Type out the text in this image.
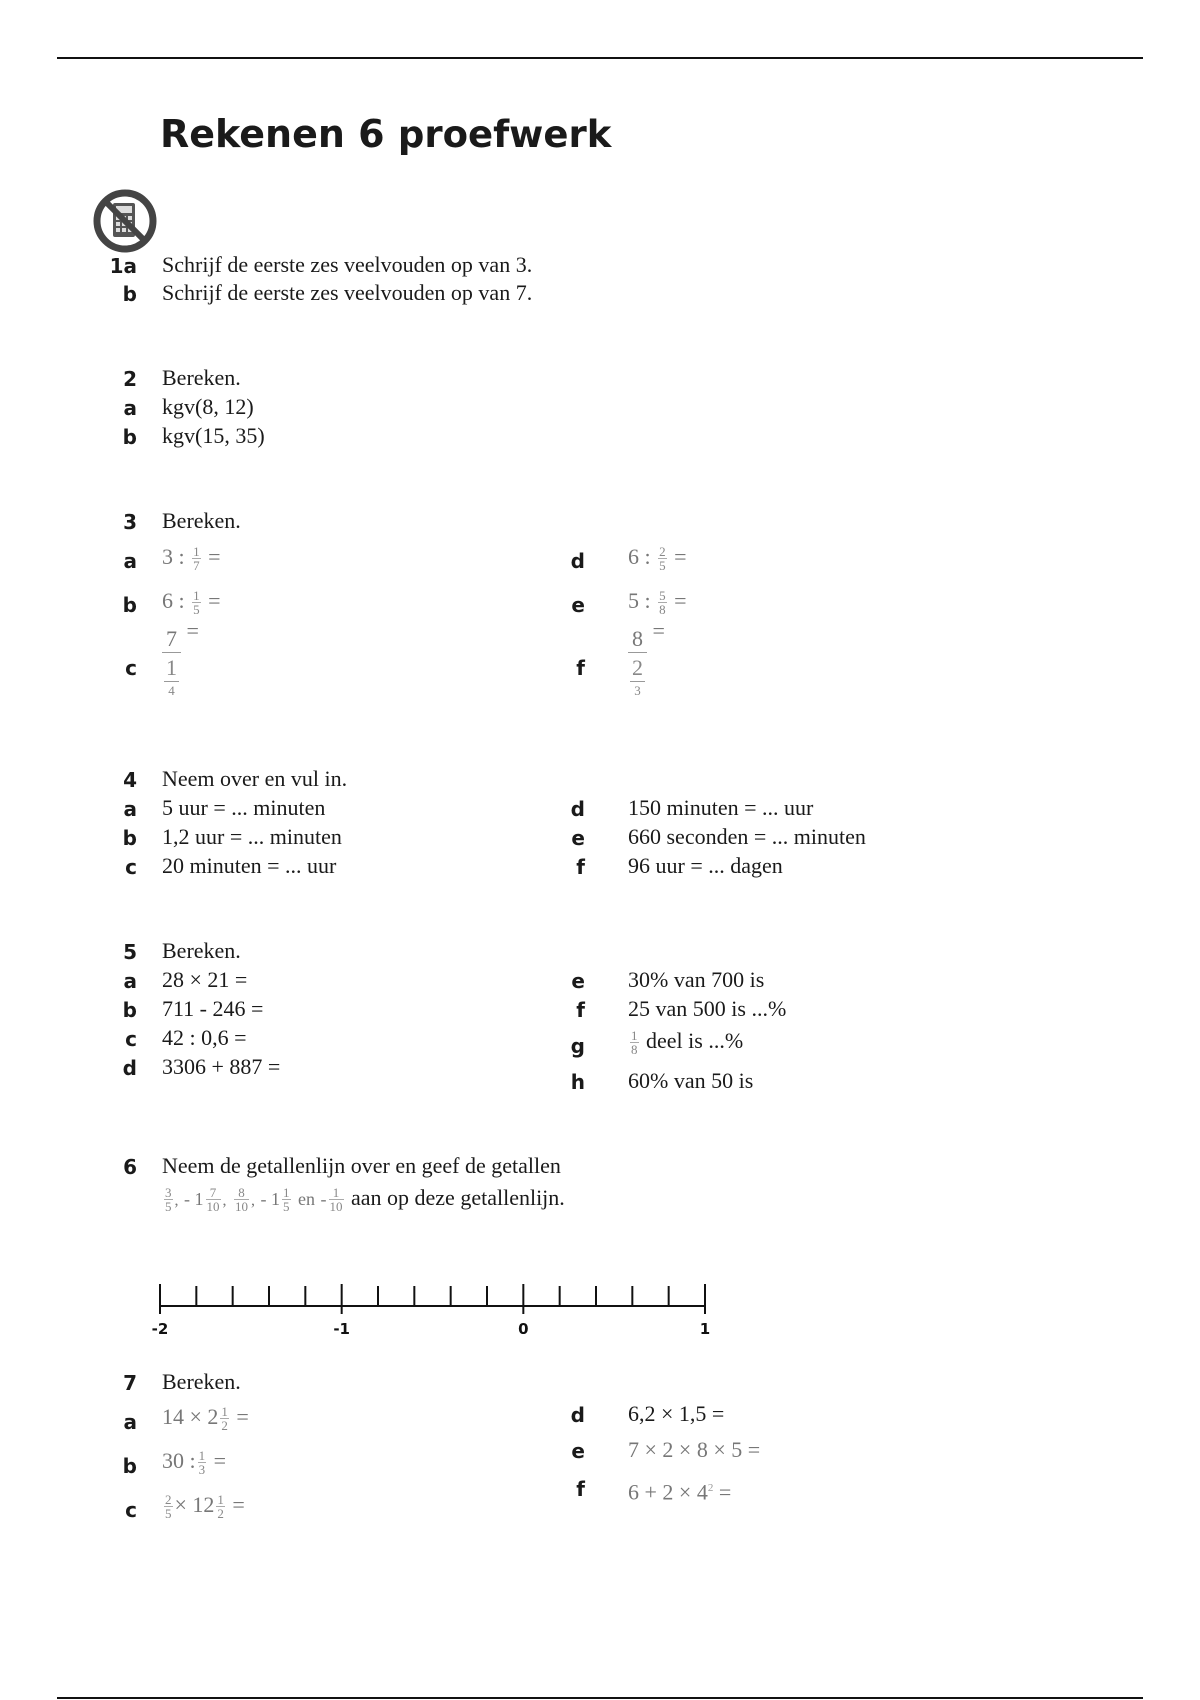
Rekenen 6 proefwerk
1a Schrijf de eerste zes veelvouden op van 3.
b Schrijf de eerste zes veelvouden op van 7.
2 Bereken.
a kgv(8, 12)
b kgv(15, 35)
3 Bereken.
a 3 : $\frac{1}{7}$ =
b 6 : $\frac{1}{5}$ =
c $\frac{7}{\frac{1}{4}}$ =
d 6 : $\frac{2}{5}$ =
e 5 : $\frac{5}{8}$ =
f $\frac{8}{\frac{2}{3}}$ =
4 Neem over en vul in.
a 5 uur = ... minuten
b 1,2 uur = ... minuten
c 20 minuten = ... uur
d 150 minuten = ... uur
e 660 seconden = ... minuten
f 96 uur = ... dagen
5 Bereken.
a 28 × 21 =
b 711 - 246 =
c 42 : 0,6 =
d 3306 + 887 =
e 30% van 700 is
f 25 van 500 is ...%
g	$\frac{1}{8}$ deel is ...%
h 60% van 50 is
6 Neem de getallenlijn over en geef de getallen
$\frac{3}{5}$ , - $1 \frac{7}{10}$ , $\frac{8}{10}$ , - $1 \frac{1}{5}$ en - $\frac{1}{10}$ aan op deze getallenlijn.
-2	-1	0	1
7 Bereken.
a $14 \times 2 \frac{1}{2}$ =
b 30 : $\frac{1}{3}$ =
c $\frac{2}{5} \times 12 \frac{1}{2}$ =
d 6,2 × 1,5 =
e 7 × 2 × 8 × 5 =
f $6 + 2 \times 4^2$ =
